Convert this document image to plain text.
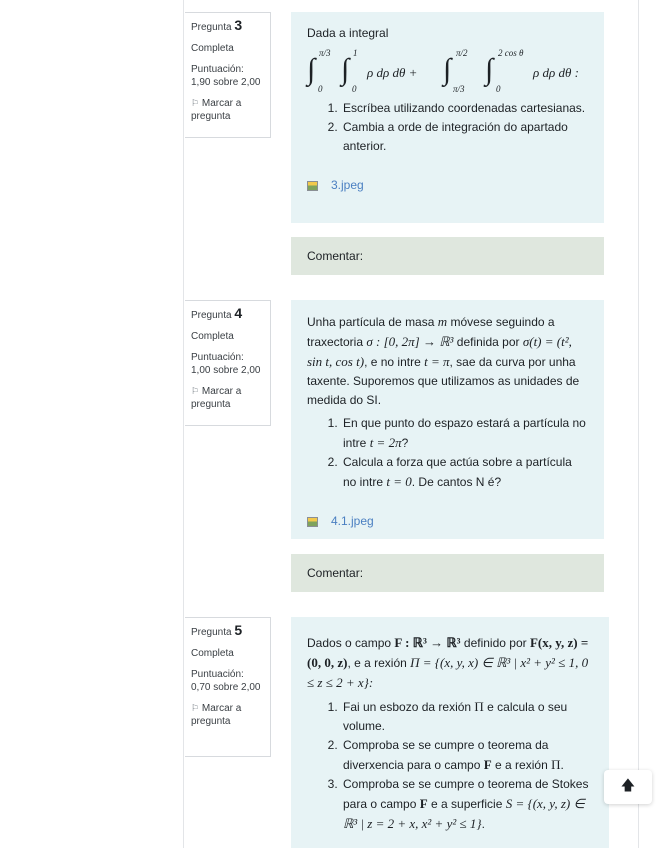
Pregunta 3
Completa
Puntuación:
1,90 sobre 2,00
⚐ Marcar a pregunta
Dada a integral
∫ π/3
0
∫ 1
0
ρ dρ dθ + ∫ π/2
π/3
∫ 2 cos θ
0
ρ dρ dθ :
1. Escríbea utilizando coordenadas cartesianas.
2. Cambia a orde de integración do apartado anterior.
3.jpeg
Comentar:
Pregunta 4
Completa
Puntuación:
1,00 sobre 2,00
⚐ Marcar a pregunta
Unha partícula de masa m móvese seguindo a traxectoria σ : [0, 2π] → ℝ³ definida por σ(t) = (t², sin t, cos t), e no intre t = π, sae da curva por unha taxente. Suporemos que utilizamos as unidades de medida do SI.
1. En que punto do espazo estará a partícula no intre t = 2π?
2. Calcula a forza que actúa sobre a partícula no intre t = 0. De cantos N é?
4.1.jpeg
Comentar:
Pregunta 5
Completa
Puntuación:
0,70 sobre 2,00
⚐ Marcar a pregunta
Dados o campo F : ℝ³ → ℝ³ definido por F(x, y, z) = (0, 0, z), e a rexión Π = {(x, y, x) ∈ ℝ³ | x² + y² ≤ 1, 0 ≤ z ≤ 2 + x}:
1. Fai un esbozo da rexión Π e calcula o seu volume.
2. Comproba se se cumpre o teorema da diverxencia para o campo F e a rexión Π.
3. Comproba se se cumpre o teorema de Stokes para o campo F e a superficie S = {(x, y, z) ∈ ℝ³ | z = 2 + x, x² + y² ≤ 1}.
🡅
